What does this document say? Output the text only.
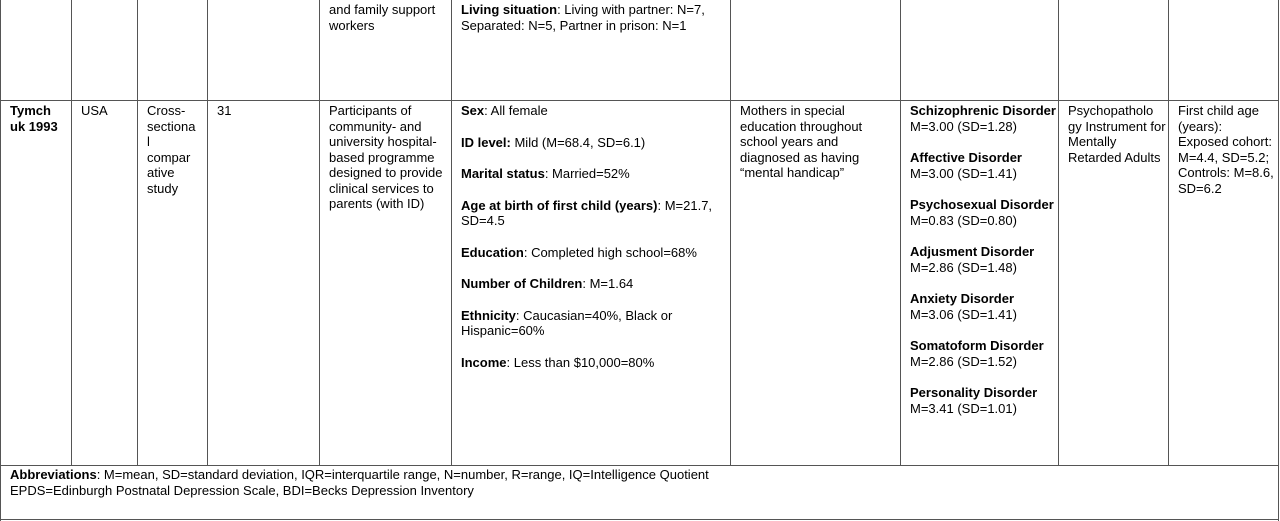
and family support workers

Living situation: Living with partner: N=7, Separated: N=5, Partner in prison: N=1

Tymch uk 1993

USA	Cross-

sectiona

l

compar

ative

study

31	Participants of community- and university hospital-based programme designed to provide clinical services to parents (with ID)

Sex: All female

ID level: Mild (M=68.4, SD=6.1)

Marital status: Married=52%

Age at birth of first child (years): M=21.7, SD=4.5

Education: Completed high school=68%

Number of Children: M=1.64

Ethnicity: Caucasian=40%, Black or Hispanic=60%

Income: Less than $10,000=80%

Mothers in special education throughout school years and diagnosed as having “mental handicap”

Schizophrenic Disorder M=3.00 (SD=1.28)

Affective Disorder M=3.00 (SD=1.41)

Psychosexual Disorder M=0.83 (SD=0.80)

Adjusment Disorder M=2.86 (SD=1.48)

Anxiety Disorder M=3.06 (SD=1.41)

Somatoform Disorder M=2.86 (SD=1.52)

Personality Disorder M=3.41 (SD=1.01)

Psychopatholo gy Instrument for Mentally Retarded Adults

First child age (years): Exposed cohort: M=4.4, SD=5.2; Controls: M=8.6, SD=6.2

Abbreviations: M=mean, SD=standard deviation, IQR=interquartile range, N=number, R=range, IQ=Intelligence Quotient

EPDS=Edinburgh Postnatal Depression Scale, BDI=Becks Depression Inventory
